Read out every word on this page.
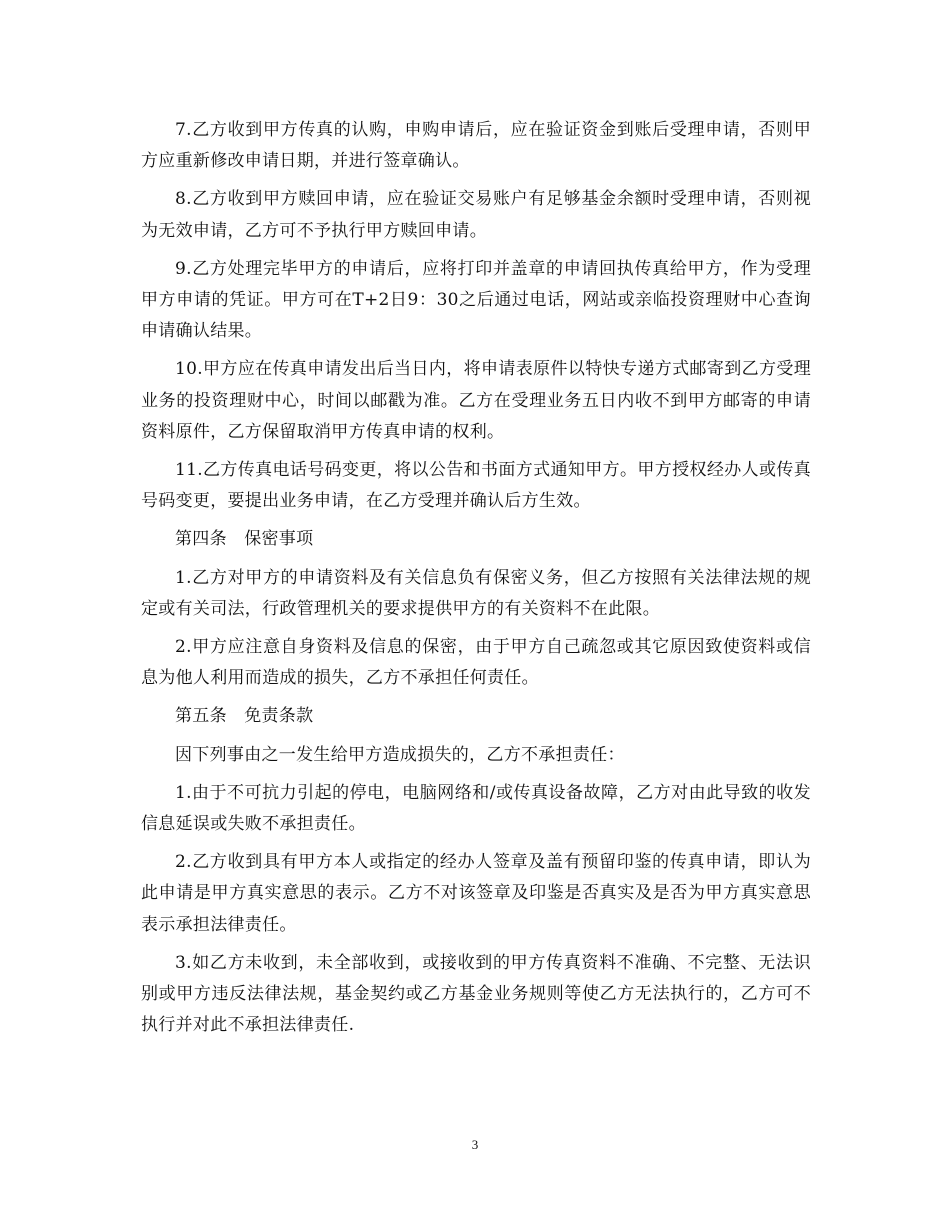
7.乙方收到甲方传真的认购，申购申请后，应在验证资金到账后受理申请，否则甲方应重新修改申请日期，并进行签章确认。

8.乙方收到甲方赎回申请，应在验证交易账户有足够基金余额时受理申请，否则视为无效申请，乙方可不予执行甲方赎回申请。

9.乙方处理完毕甲方的申请后，应将打印并盖章的申请回执传真给甲方，作为受理甲方申请的凭证。甲方可在T+2日9：30之后通过电话，网站或亲临投资理财中心查询申请确认结果。

10.甲方应在传真申请发出后当日内，将申请表原件以特快专递方式邮寄到乙方受理业务的投资理财中心，时间以邮戳为准。乙方在受理业务五日内收不到甲方邮寄的申请资料原件，乙方保留取消甲方传真申请的权利。

11.乙方传真电话号码变更，将以公告和书面方式通知甲方。甲方授权经办人或传真号码变更，要提出业务申请，在乙方受理并确认后方生效。

第四条　保密事项

1.乙方对甲方的申请资料及有关信息负有保密义务，但乙方按照有关法律法规的规定或有关司法，行政管理机关的要求提供甲方的有关资料不在此限。

2.甲方应注意自身资料及信息的保密，由于甲方自己疏忽或其它原因致使资料或信息为他人利用而造成的损失，乙方不承担任何责任。

第五条　免责条款

因下列事由之一发生给甲方造成损失的，乙方不承担责任：

1.由于不可抗力引起的停电，电脑网络和/或传真设备故障，乙方对由此导致的收发信息延误或失败不承担责任。

2.乙方收到具有甲方本人或指定的经办人签章及盖有预留印鉴的传真申请，即认为此申请是甲方真实意思的表示。乙方不对该签章及印鉴是否真实及是否为甲方真实意思表示承担法律责任。

3.如乙方未收到，未全部收到，或接收到的甲方传真资料不准确、不完整、无法识别或甲方违反法律法规，基金契约或乙方基金业务规则等使乙方无法执行的，乙方可不执行并对此不承担法律责任.

3
